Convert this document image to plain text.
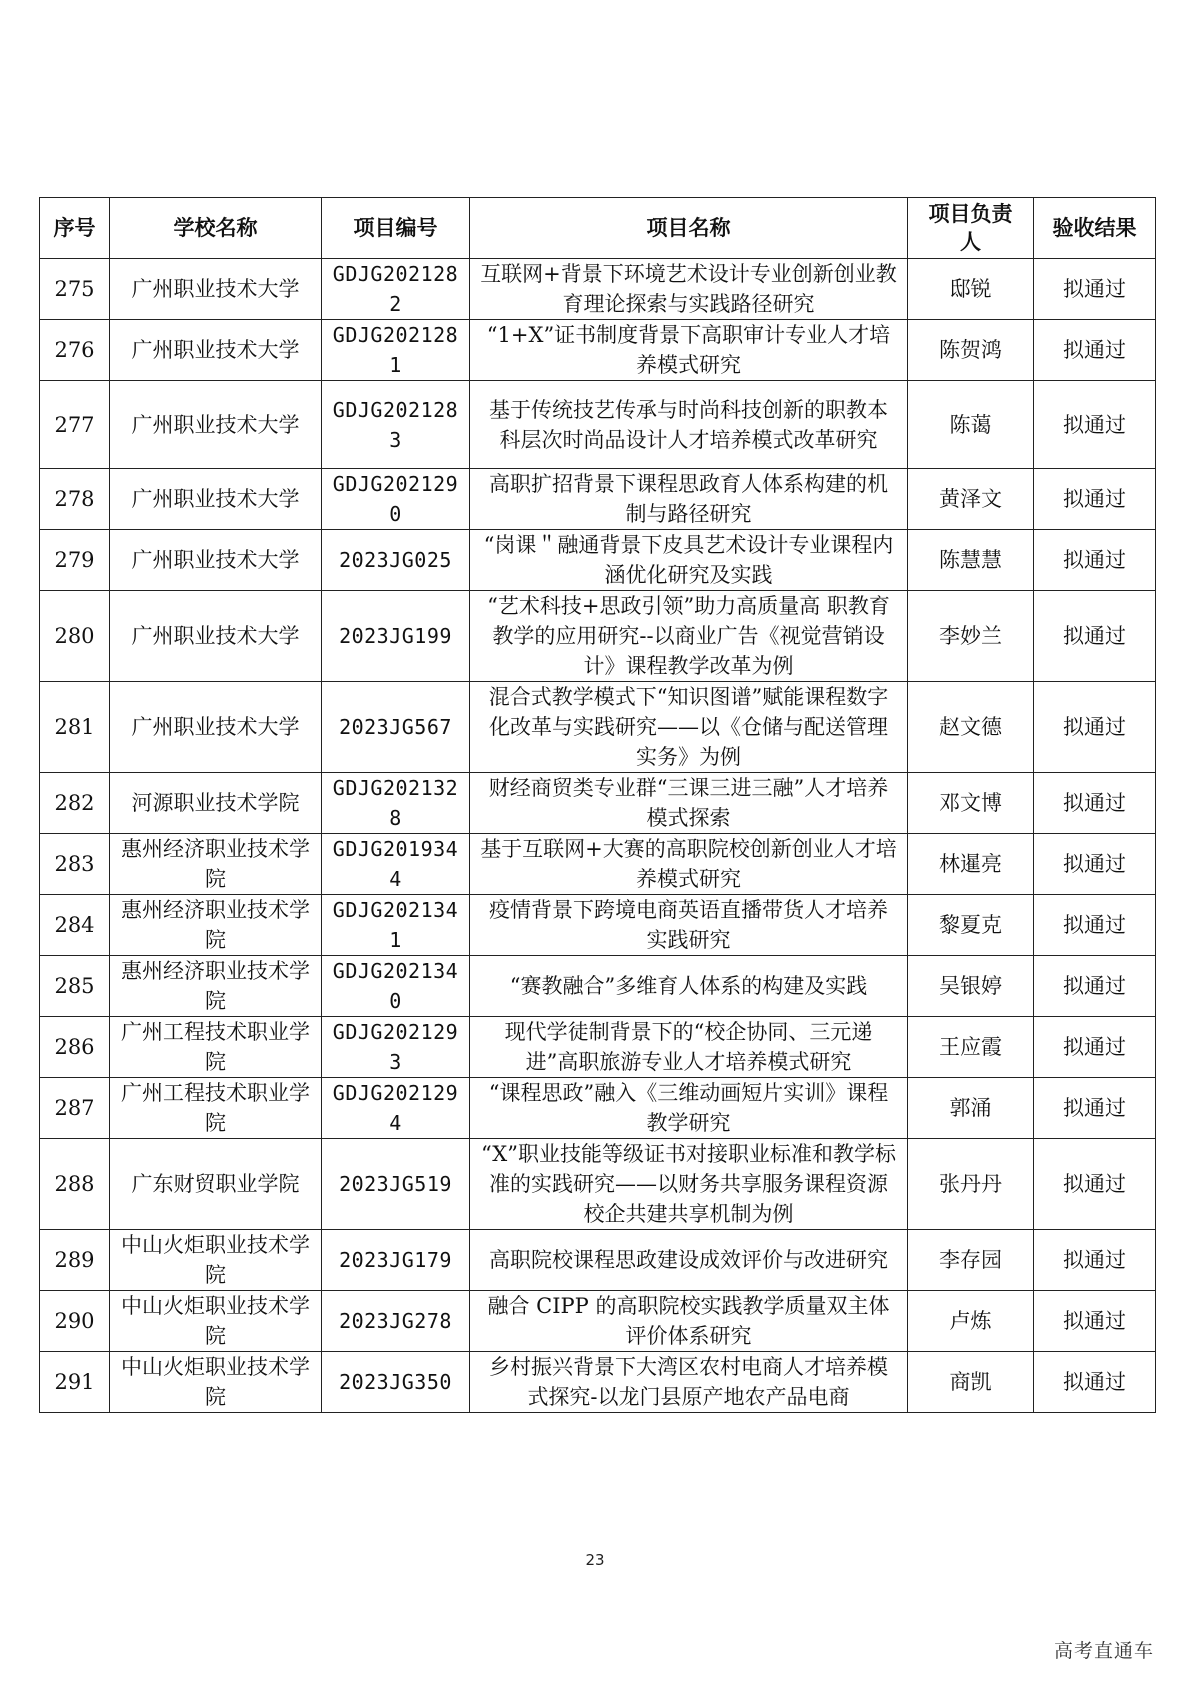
序号	学校名称	项目编号	项目名称	项目负责人	验收结果
275	广州职业技术大学	GDJG2021282	互联网+背景下环境艺术设计专业创新创业教育理论探索与实践路径研究	邸锐	拟通过
276	广州职业技术大学	GDJG2021281	“1+X”证书制度背景下高职审计专业人才培养模式研究	陈贺鸿	拟通过
277	广州职业技术大学	GDJG2021283	基于传统技艺传承与时尚科技创新的职教本科层次时尚品设计人才培养模式改革研究	陈蔼	拟通过
278	广州职业技术大学	GDJG2021290	高职扩招背景下课程思政育人体系构建的机制与路径研究	黄泽文	拟通过
279	广州职业技术大学	2023JG025	“岗课＂融通背景下皮具艺术设计专业课程内涵优化研究及实践	陈慧慧	拟通过
280	广州职业技术大学	2023JG199	“艺术科技+思政引领”助力高质量高 职教育教学的应用研究--以商业广告《视觉营销设计》课程教学改革为例	李妙兰	拟通过
281	广州职业技术大学	2023JG567	混合式教学模式下“知识图谱”赋能课程数字化改革与实践研究——以《仓储与配送管理实务》为例	赵文德	拟通过
282	河源职业技术学院	GDJG2021328	财经商贸类专业群“三课三进三融”人才培养模式探索	邓文博	拟通过
283	惠州经济职业技术学院	GDJG2019344	基于互联网+大赛的高职院校创新创业人才培养模式研究	林暹亮	拟通过
284	惠州经济职业技术学院	GDJG2021341	疫情背景下跨境电商英语直播带货人才培养实践研究	黎夏克	拟通过
285	惠州经济职业技术学院	GDJG2021340	“赛教融合”多维育人体系的构建及实践	吴银婷	拟通过
286	广州工程技术职业学院	GDJG2021293	现代学徒制背景下的“校企协同、三元递进”高职旅游专业人才培养模式研究	王应霞	拟通过
287	广州工程技术职业学院	GDJG2021294	“课程思政”融入《三维动画短片实训》课程教学研究	郭涌	拟通过
288	广东财贸职业学院	2023JG519	“X”职业技能等级证书对接职业标准和教学标准的实践研究——以财务共享服务课程资源校企共建共享机制为例	张丹丹	拟通过
289	中山火炬职业技术学院	2023JG179	高职院校课程思政建设成效评价与改进研究	李存园	拟通过
290	中山火炬职业技术学院	2023JG278	融合 CIPP 的高职院校实践教学质量双主体评价体系研究	卢炼	拟通过
291	中山火炬职业技术学院	2023JG350	乡村振兴背景下大湾区农村电商人才培养模式探究-以龙门县原产地农产品电商	商凯	拟通过
23
高考直通车
